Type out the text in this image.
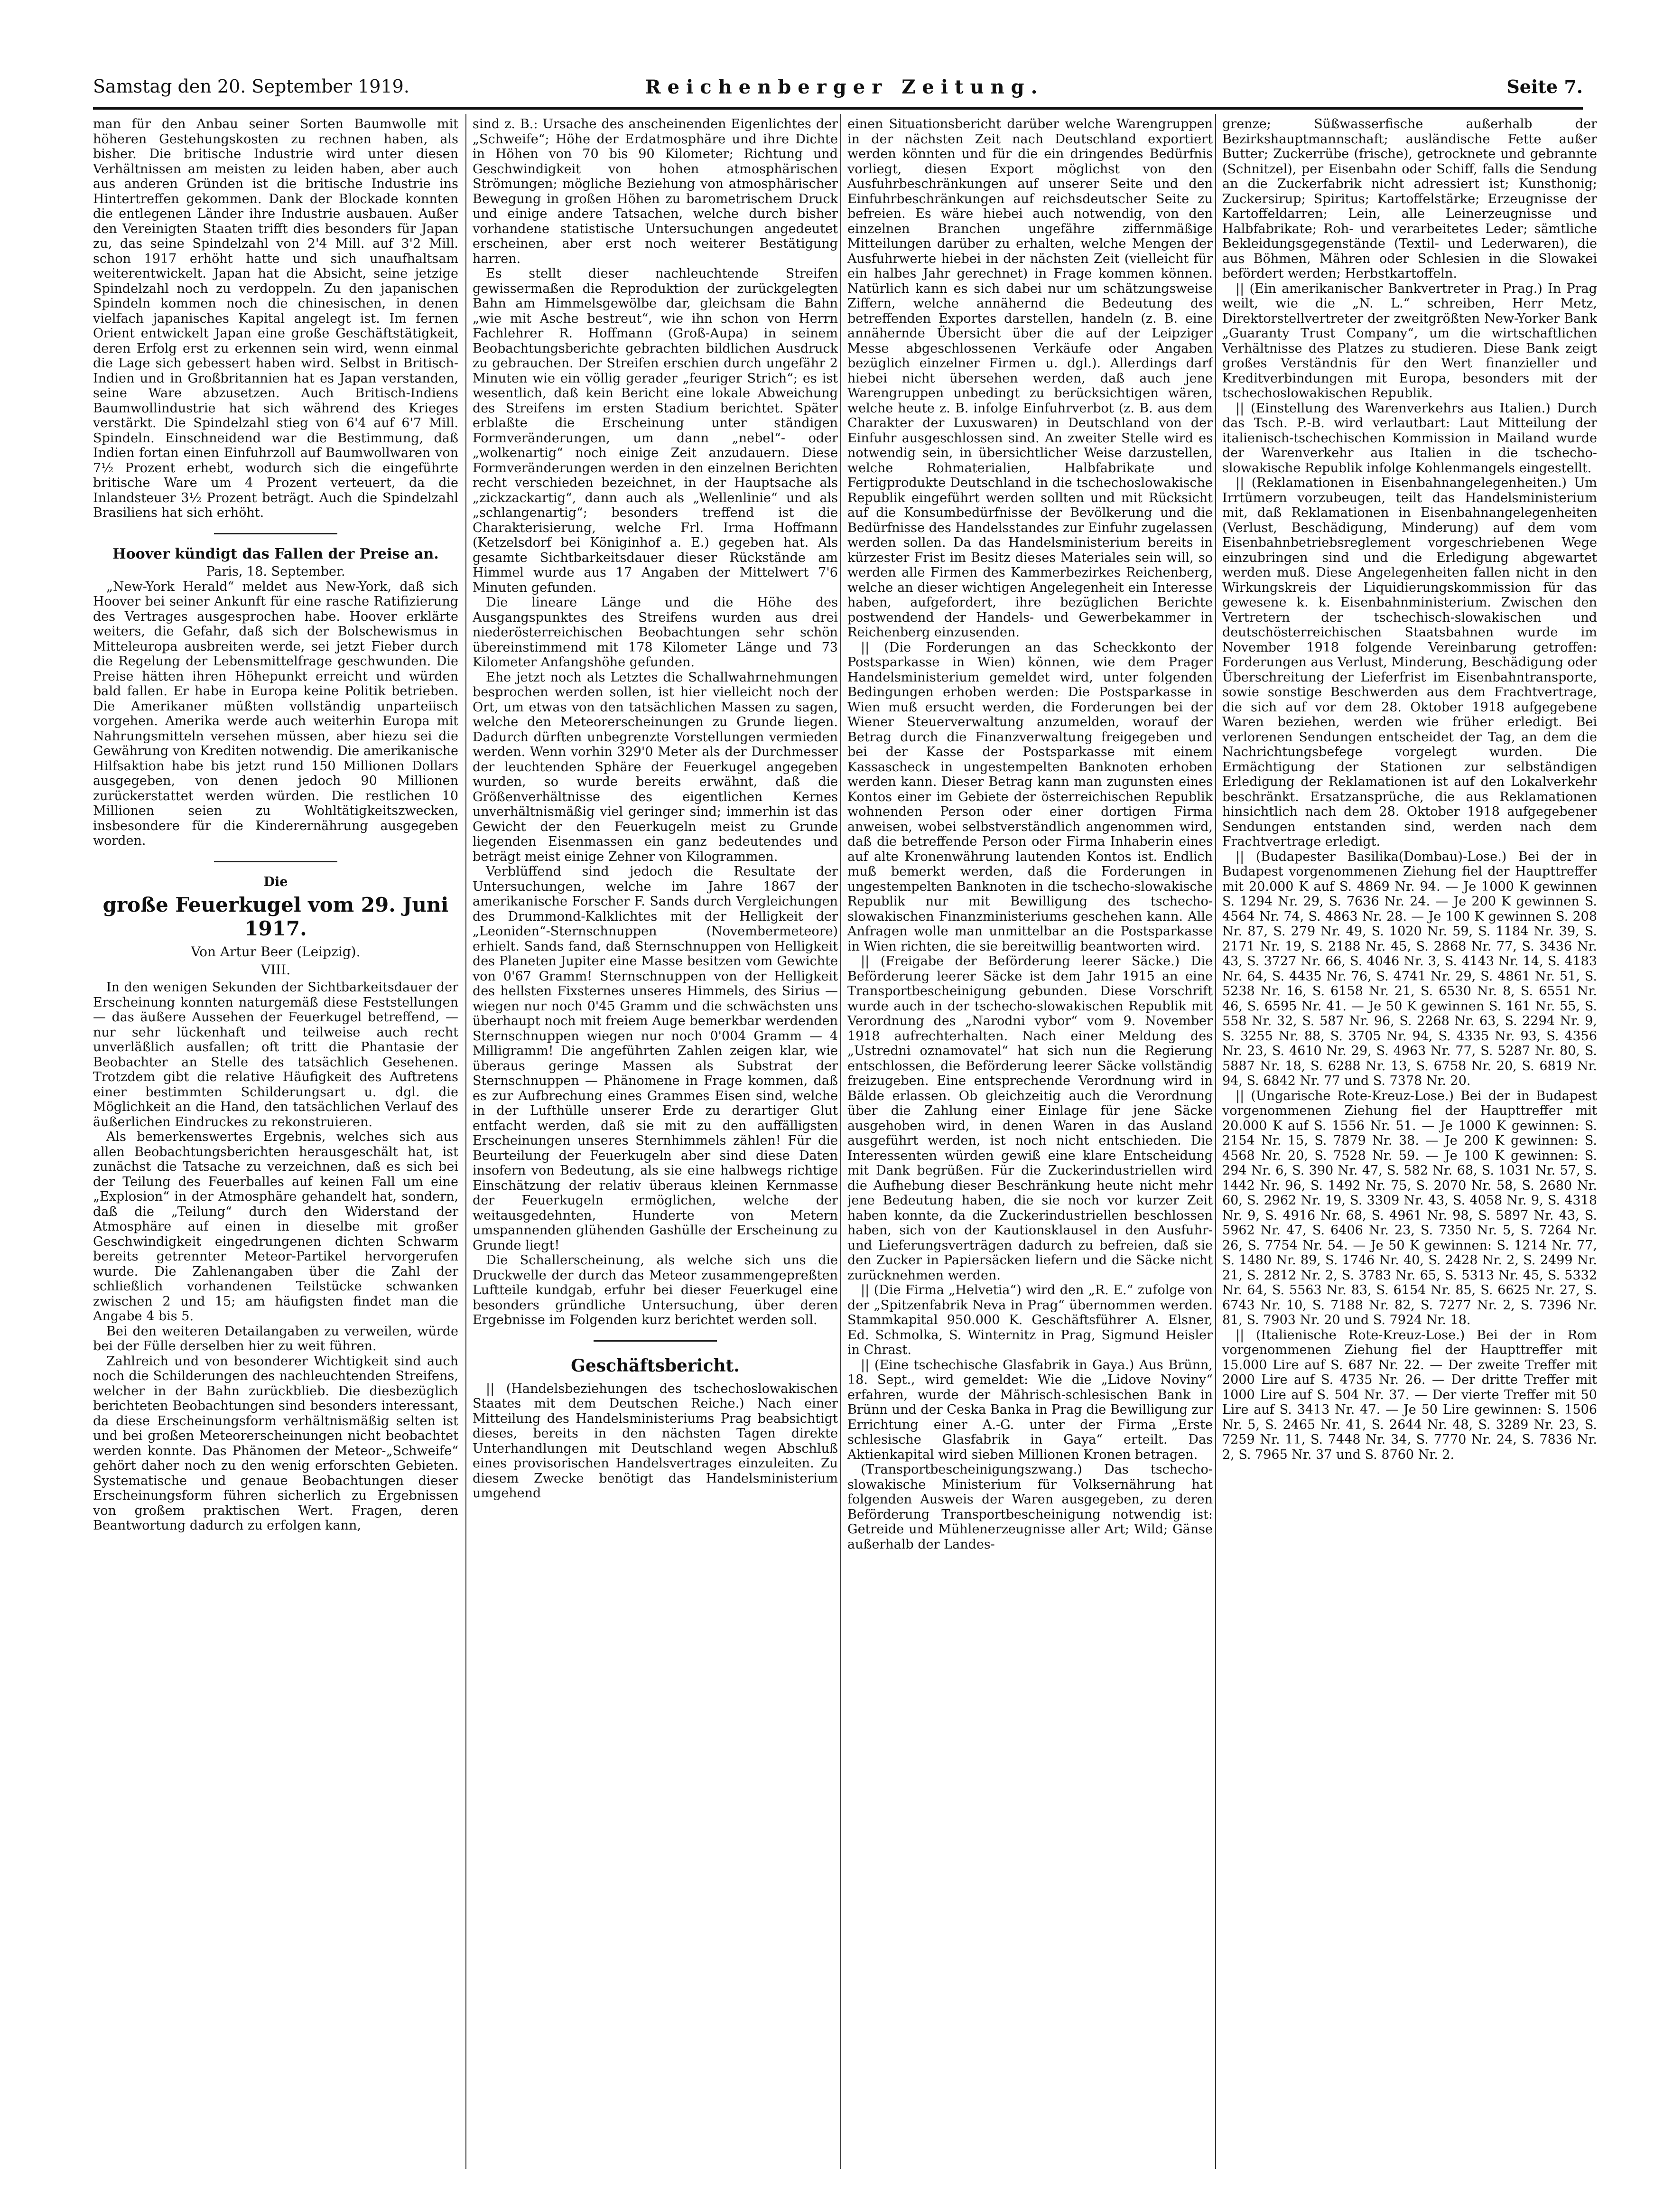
Samstag den 20. September 1919.	Reichenberger Zeitung.	Seite 7.

man für den Anbau seiner Sorten Baumwolle mit höheren Gestehungskosten zu rechnen haben, als bisher. Die britische Industrie wird unter diesen Verhältnissen am meisten zu leiden haben, aber auch aus anderen Gründen ist die britische Industrie ins Hintertreffen gekommen. Dank der Blockade konnten die entlegenen Länder ihre Industrie ausbauen. Außer den Vereinigten Staaten trifft dies besonders für Japan zu, das seine Spindelzahl von 2'4 Mill. auf 3'2 Mill. schon 1917 erhöht hatte und sich unaufhaltsam weiterentwickelt. Japan hat die Absicht, seine jetzige Spindelzahl noch zu verdoppeln. Zu den japanischen Spindeln kommen noch die chinesischen, in denen vielfach japanisches Kapital angelegt ist. Im fernen Orient entwickelt Japan eine große Geschäftstätigkeit, deren Erfolg erst zu erkennen sein wird, wenn einmal die Lage sich gebessert haben wird. Selbst in Britisch-Indien und in Großbritannien hat es Japan verstanden, seine Ware abzusetzen. Auch Britisch-Indiens Baumwollindustrie hat sich während des Krieges verstärkt. Die Spindelzahl stieg von 6'4 auf 6'7 Mill. Spindeln. Einschneidend war die Bestimmung, daß Indien fortan einen Einfuhrzoll auf Baumwollwaren von 7½ Prozent erhebt, wodurch sich die eingeführte britische Ware um 4 Prozent verteuert, da die Inlandsteuer 3½ Prozent beträgt. Auch die Spindelzahl Brasiliens hat sich erhöht.

Hoover kündigt das Fallen der Preise an.

Paris, 18. September.

„New-York Herald“ meldet aus New-York, daß sich Hoover bei seiner Ankunft für eine rasche Ratifizierung des Vertrages ausgesprochen habe. Hoover erklärte weiters, die Gefahr, daß sich der Bolschewismus in Mitteleuropa ausbreiten werde, sei jetzt Fieber durch die Regelung der Lebensmittelfrage geschwunden. Die Preise hätten ihren Höhepunkt erreicht und würden bald fallen. Er habe in Europa keine Politik betrieben. Die Amerikaner müßten vollständig unparteiisch vorgehen. Amerika werde auch weiterhin Europa mit Nahrungsmitteln versehen müssen, aber hiezu sei die Gewährung von Krediten notwendig. Die amerikanische Hilfsaktion habe bis jetzt rund 150 Millionen Dollars ausgegeben, von denen jedoch 90 Millionen zurückerstattet werden würden. Die restlichen 10 Millionen seien zu Wohltätigkeitszwecken, insbesondere für die Kinderernährung ausgegeben worden.

Die

große Feuerkugel vom 29. Juni 1917.
Von Artur Beer (Leipzig).
VIII.

In den wenigen Sekunden der Sichtbarkeitsdauer der Erscheinung konnten naturgemäß diese Feststellungen — das äußere Aussehen der Feuerkugel betreffend, — nur sehr lückenhaft und teilweise auch recht unverläßlich ausfallen; oft tritt die Phantasie der Beobachter an Stelle des tatsächlich Gesehenen. Trotzdem gibt die relative Häufigkeit des Auftretens einer bestimmten Schilderungsart u. dgl. die Möglichkeit an die Hand, den tatsächlichen Verlauf des äußerlichen Eindruckes zu rekonstruieren.

Als bemerkenswertes Ergebnis, welches sich aus allen Beobachtungsberichten herausgeschält hat, ist zunächst die Tatsache zu verzeichnen, daß es sich bei der Teilung des Feuerballes auf keinen Fall um eine „Explosion“ in der Atmosphäre gehandelt hat, sondern, daß die „Teilung“ durch den Widerstand der Atmosphäre auf einen in dieselbe mit großer Geschwindigkeit eingedrungenen dichten Schwarm bereits getrennter Meteor-Partikel hervorgerufen wurde. Die Zahlenangaben über die Zahl der schließlich vorhandenen Teilstücke schwanken zwischen 2 und 15; am häufigsten findet man die Angabe 4 bis 5.

Bei den weiteren Detailangaben zu verweilen, würde bei der Fülle derselben hier zu weit führen.

Zahlreich und von besonderer Wichtigkeit sind auch noch die Schilderungen des nachleuchtenden Streifens, welcher in der Bahn zurückblieb. Die diesbezüglich berichteten Beobachtungen sind besonders interessant, da diese Erscheinungsform verhältnismäßig selten ist und bei großen Meteorerscheinungen nicht beobachtet werden konnte. Das Phänomen der Meteor-„Schweife“ gehört daher noch zu den wenig erforschten Gebieten. Systematische und genaue Beobachtungen dieser Erscheinungsform führen sicherlich zu Ergebnissen von großem praktischen Wert. Fragen, deren Beantwortung dadurch zu erfolgen kann,

sind z. B.: Ursache des anscheinenden Eigenlichtes der „Schweife“; Höhe der Erdatmosphäre und ihre Dichte in Höhen von 70 bis 90 Kilometer; Richtung und Geschwindigkeit von hohen atmosphärischen Strömungen; mögliche Beziehung von atmosphärischer Bewegung in großen Höhen zu barometrischem Druck und einige andere Tatsachen, welche durch bisher vorhandene statistische Untersuchungen angedeutet erscheinen, aber erst noch weiterer Bestätigung harren.

Es stellt dieser nachleuchtende Streifen gewissermaßen die Reproduktion der zurückgelegten Bahn am Himmelsgewölbe dar, gleichsam die Bahn „wie mit Asche bestreut“, wie ihn schon von Herrn Fachlehrer R. Hoffmann (Groß-Aupa) in seinem Beobachtungsberichte gebrachten bildlichen Ausdruck zu gebrauchen. Der Streifen erschien durch ungefähr 2 Minuten wie ein völlig gerader „feuriger Strich“; es ist wesentlich, daß kein Bericht eine lokale Abweichung des Streifens im ersten Stadium berichtet. Später erblaßte die Erscheinung unter ständigen Formveränderungen, um dann „nebel“- oder „wolkenartig“ noch einige Zeit anzudauern. Diese Formveränderungen werden in den einzelnen Berichten recht verschieden bezeichnet, in der Hauptsache als „zickzackartig“, dann auch als „Wellenlinie“ und als „schlangenartig“; besonders treffend ist die Charakterisierung, welche Frl. Irma Hoffmann (Ketzelsdorf bei Königinhof a. E.) gegeben hat. Als gesamte Sichtbarkeitsdauer dieser Rückstände am Himmel wurde aus 17 Angaben der Mittelwert 7'6 Minuten gefunden.

Die lineare Länge und die Höhe des Ausgangspunktes des Streifens wurden aus drei niederösterreichischen Beobachtungen sehr schön übereinstimmend mit 178 Kilometer Länge und 73 Kilometer Anfangshöhe gefunden.

Ehe jetzt noch als Letztes die Schallwahrnehmungen besprochen werden sollen, ist hier vielleicht noch der Ort, um etwas von den tatsächlichen Massen zu sagen, welche den Meteorerscheinungen zu Grunde liegen. Dadurch dürften unbegrenzte Vorstellungen vermieden werden. Wenn vorhin 329'0 Meter als der Durchmesser der leuchtenden Sphäre der Feuerkugel angegeben wurden, so wurde bereits erwähnt, daß die Größenverhältnisse des eigentlichen Kernes unverhältnismäßig viel geringer sind; immerhin ist das Gewicht der den Feuerkugeln meist zu Grunde liegenden Eisenmassen ein ganz bedeutendes und beträgt meist einige Zehner von Kilogrammen.

Verblüffend sind jedoch die Resultate der Untersuchungen, welche im Jahre 1867 der amerikanische Forscher F. Sands durch Vergleichungen des Drummond-Kalklichtes mit der Helligkeit der „Leoniden“-Sternschnuppen (Novembermeteore) erhielt. Sands fand, daß Sternschnuppen von Helligkeit des Planeten Jupiter eine Masse besitzen vom Gewichte von 0'67 Gramm! Sternschnuppen von der Helligkeit des hellsten Fixsternes unseres Himmels, des Sirius — wiegen nur noch 0'45 Gramm und die schwächsten uns überhaupt noch mit freiem Auge bemerkbar werdenden Sternschnuppen wiegen nur noch 0'004 Gramm — 4 Milligramm! Die angeführten Zahlen zeigen klar, wie überaus geringe Massen als Substrat der Sternschnuppen — Phänomene in Frage kommen, daß es zur Aufbrechung eines Grammes Eisen sind, welche in der Lufthülle unserer Erde zu derartiger Glut entfacht werden, daß sie mit zu den auffälligsten Erscheinungen unseres Sternhimmels zählen! Für die Beurteilung der Feuerkugeln aber sind diese Daten insofern von Bedeutung, als sie eine halbwegs richtige Einschätzung der relativ überaus kleinen Kernmasse der Feuerkugeln ermöglichen, welche der weitausgedehnten, Hunderte von Metern umspannenden glühenden Gashülle der Erscheinung zu Grunde liegt!

Die Schallerscheinung, als welche sich uns die Druckwelle der durch das Meteor zusammengepreßten Luftteile kundgab, erfuhr bei dieser Feuerkugel eine besonders gründliche Untersuchung, über deren Ergebnisse im Folgenden kurz berichtet werden soll.

Geschäftsbericht.

|| (Handelsbeziehungen des tschechoslowakischen Staates mit dem Deutschen Reiche.) Nach einer Mitteilung des Handelsministeriums Prag beabsichtigt dieses, bereits in den nächsten Tagen direkte Unterhandlungen mit Deutschland wegen Abschluß eines provisorischen Handelsvertrages einzuleiten. Zu diesem Zwecke benötigt das Handelsministerium umgehend

einen Situationsbericht darüber welche Warengruppen in der nächsten Zeit nach Deutschland exportiert werden könnten und für die ein dringendes Bedürfnis vorliegt, diesen Export möglichst von den Ausfuhrbeschränkungen auf unserer Seite und den Einfuhrbeschränkungen auf reichsdeutscher Seite zu befreien. Es wäre hiebei auch notwendig, von den einzelnen Branchen ungefähre ziffernmäßige Mitteilungen darüber zu erhalten, welche Mengen der Ausfuhrwerte hiebei in der nächsten Zeit (vielleicht für ein halbes Jahr gerechnet) in Frage kommen können. Natürlich kann es sich dabei nur um schätzungsweise Ziffern, welche annähernd die Bedeutung des betreffenden Exportes darstellen, handeln (z. B. eine annähernde Übersicht über die auf der Leipziger Messe abgeschlossenen Verkäufe oder Angaben bezüglich einzelner Firmen u. dgl.). Allerdings darf hiebei nicht übersehen werden, daß auch jene Warengruppen unbedingt zu berücksichtigen wären, welche heute z. B. infolge Einfuhrverbot (z. B. aus dem Charakter der Luxuswaren) in Deutschland von der Einfuhr ausgeschlossen sind. An zweiter Stelle wird es notwendig sein, in übersichtlicher Weise darzustellen, welche Rohmaterialien, Halbfabrikate und Fertigprodukte Deutschland in die tschechoslowakische Republik eingeführt werden sollten und mit Rücksicht auf die Konsumbedürfnisse der Bevölkerung und die Bedürfnisse des Handelsstandes zur Einfuhr zugelassen werden sollen. Da das Handelsministerium bereits in kürzester Frist im Besitz dieses Materiales sein will, so werden alle Firmen des Kammerbezirkes Reichenberg, welche an dieser wichtigen Angelegenheit ein Interesse haben, aufgefordert, ihre bezüglichen Berichte postwendend der Handels- und Gewerbekammer in Reichenberg einzusenden.

|| (Die Forderungen an das Scheckkonto der Postsparkasse in Wien) können, wie dem Prager Handelsministerium gemeldet wird, unter folgenden Bedingungen erhoben werden: Die Postsparkasse in Wien muß ersucht werden, die Forderungen bei der Wiener Steuerverwaltung anzumelden, worauf der Betrag durch die Finanzverwaltung freigegeben und bei der Kasse der Postsparkasse mit einem Kassascheck in ungestempelten Banknoten erhoben werden kann. Dieser Betrag kann man zugunsten eines Kontos einer im Gebiete der österreichischen Republik wohnenden Person oder einer dortigen Firma anweisen, wobei selbstverständlich angenommen wird, daß die betreffende Person oder Firma Inhaberin eines auf alte Kronenwährung lautenden Kontos ist. Endlich muß bemerkt werden, daß die Forderungen in ungestempelten Banknoten in die tschecho-slowakische Republik nur mit Bewilligung des tschecho-slowakischen Finanzministeriums geschehen kann. Alle Anfragen wolle man unmittelbar an die Postsparkasse in Wien richten, die sie bereitwillig beantworten wird.

|| (Freigabe der Beförderung leerer Säcke.) Die Beförderung leerer Säcke ist dem Jahr 1915 an eine Transportbescheinigung gebunden. Diese Vorschrift wurde auch in der tschecho-slowakischen Republik mit Verordnung des „Narodni vybor“ vom 9. November 1918 aufrechterhalten. Nach einer Meldung des „Ustredni oznamovatel“ hat sich nun die Regierung entschlossen, die Beförderung leerer Säcke vollständig freizugeben. Eine entsprechende Verordnung wird in Bälde erlassen. Ob gleichzeitig auch die Verordnung über die Zahlung einer Einlage für jene Säcke ausgehoben wird, in denen Waren in das Ausland ausgeführt werden, ist noch nicht entschieden. Die Interessenten würden gewiß eine klare Entscheidung mit Dank begrüßen. Für die Zuckerindustriellen wird die Aufhebung dieser Beschränkung heute nicht mehr jene Bedeutung haben, die sie noch vor kurzer Zeit haben konnte, da die Zuckerindustriellen beschlossen haben, sich von der Kautionsklausel in den Ausfuhr- und Lieferungsverträgen dadurch zu befreien, daß sie den Zucker in Papiersäcken liefern und die Säcke nicht zurücknehmen werden.

|| (Die Firma „Helvetia“) wird den „R. E.“ zufolge von der „Spitzenfabrik Neva in Prag“ übernommen werden. Stammkapital 950.000 K. Geschäftsführer A. Elsner, Ed. Schmolka, S. Winternitz in Prag, Sigmund Heisler in Chrast.

|| (Eine tschechische Glasfabrik in Gaya.) Aus Brünn, 18. Sept., wird gemeldet: Wie die „Lidove Noviny“ erfahren, wurde der Mährisch-schlesischen Bank in Brünn und der Ceska Banka in Prag die Bewilligung zur Errichtung einer A.-G. unter der Firma „Erste schlesische Glasfabrik in Gaya“ erteilt. Das Aktienkapital wird sieben Millionen Kronen betragen.

(Transportbescheinigungszwang.) Das tschecho-slowakische Ministerium für Volksernährung hat folgenden Ausweis der Waren ausgegeben, zu deren Beförderung Transportbescheinigung notwendig ist: Getreide und Mühlenerzeugnisse aller Art; Wild; Gänse außerhalb der Landes-

grenze; Süßwasserfische außerhalb der Bezirkshauptmannschaft; ausländische Fette außer Butter; Zuckerrübe (frische), getrocknete und gebrannte (Schnitzel), per Eisenbahn oder Schiff, falls die Sendung an die Zuckerfabrik nicht adressiert ist; Kunsthonig; Zuckersirup; Spiritus; Kartoffelstärke; Erzeugnisse der Kartoffeldarren; Lein, alle Leinerzeugnisse und Halbfabrikate; Roh- und verarbeitetes Leder; sämtliche Bekleidungsgegenstände (Textil- und Lederwaren), die aus Böhmen, Mähren oder Schlesien in die Slowakei befördert werden; Herbstkartoffeln.

|| (Ein amerikanischer Bankvertreter in Prag.) In Prag weilt, wie die „N. L.“ schreiben, Herr Metz, Direktorstellvertreter der zweitgrößten New-Yorker Bank „Guaranty Trust Company“, um die wirtschaftlichen Verhältnisse des Platzes zu studieren. Diese Bank zeigt großes Verständnis für den Wert finanzieller und Kreditverbindungen mit Europa, besonders mit der tschechoslowakischen Republik.

|| (Einstellung des Warenverkehrs aus Italien.) Durch das Tsch. P.-B. wird verlautbart: Laut Mitteilung der italienisch-tschechischen Kommission in Mailand wurde der Warenverkehr aus Italien in die tschecho-slowakische Republik infolge Kohlenmangels eingestellt.

|| (Reklamationen in Eisenbahnangelegenheiten.) Um Irrtümern vorzubeugen, teilt das Handelsministerium mit, daß Reklamationen in Eisenbahnangelegenheiten (Verlust, Beschädigung, Minderung) auf dem vom Eisenbahnbetriebsreglement vorgeschriebenen Wege einzubringen sind und die Erledigung abgewartet werden muß. Diese Angelegenheiten fallen nicht in den Wirkungskreis der Liquidierungskommission für das gewesene k. k. Eisenbahnministerium. Zwischen den Vertretern der tschechisch-slowakischen und deutschösterreichischen Staatsbahnen wurde im November 1918 folgende Vereinbarung getroffen: Forderungen aus Verlust, Minderung, Beschädigung oder Überschreitung der Lieferfrist im Eisenbahntransporte, sowie sonstige Beschwerden aus dem Frachtvertrage, die sich auf vor dem 28. Oktober 1918 aufgegebene Waren beziehen, werden wie früher erledigt. Bei verlorenen Sendungen entscheidet der Tag, an dem die Nachrichtungsbefege vorgelegt wurden. Die Ermächtigung der Stationen zur selbständigen Erledigung der Reklamationen ist auf den Lokalverkehr beschränkt. Ersatzansprüche, die aus Reklamationen hinsichtlich nach dem 28. Oktober 1918 aufgegebener Sendungen entstanden sind, werden nach dem Frachtvertrage erledigt.

|| (Budapester Basilika(Dombau)-Lose.) Bei der in Budapest vorgenommenen Ziehung fiel der Haupttreffer mit 20.000 K auf S. 4869 Nr. 94. — Je 1000 K gewinnen S. 1294 Nr. 29, S. 7636 Nr. 24. — Je 200 K gewinnen S. 4564 Nr. 74, S. 4863 Nr. 28. — Je 100 K gewinnen S. 208 Nr. 87, S. 279 Nr. 49, S. 1020 Nr. 59, S. 1184 Nr. 39, S. 2171 Nr. 19, S. 2188 Nr. 45, S. 2868 Nr. 77, S. 3436 Nr. 43, S. 3727 Nr. 66, S. 4046 Nr. 3, S. 4143 Nr. 14, S. 4183 Nr. 64, S. 4435 Nr. 76, S. 4741 Nr. 29, S. 4861 Nr. 51, S. 5238 Nr. 16, S. 6158 Nr. 21, S. 6530 Nr. 8, S. 6551 Nr. 46, S. 6595 Nr. 41. — Je 50 K gewinnen S. 161 Nr. 55, S. 558 Nr. 32, S. 587 Nr. 96, S. 2268 Nr. 63, S. 2294 Nr. 9, S. 3255 Nr. 88, S. 3705 Nr. 94, S. 4335 Nr. 93, S. 4356 Nr. 23, S. 4610 Nr. 29, S. 4963 Nr. 77, S. 5287 Nr. 80, S. 5887 Nr. 18, S. 6288 Nr. 13, S. 6758 Nr. 20, S. 6819 Nr. 94, S. 6842 Nr. 77 und S. 7378 Nr. 20.

|| (Ungarische Rote-Kreuz-Lose.) Bei der in Budapest vorgenommenen Ziehung fiel der Haupttreffer mit 20.000 K auf S. 1556 Nr. 51. — Je 1000 K gewinnen: S. 2154 Nr. 15, S. 7879 Nr. 38. — Je 200 K gewinnen: S. 4568 Nr. 20, S. 7528 Nr. 59. — Je 100 K gewinnen: S. 294 Nr. 6, S. 390 Nr. 47, S. 582 Nr. 68, S. 1031 Nr. 57, S. 1442 Nr. 96, S. 1492 Nr. 75, S. 2070 Nr. 58, S. 2680 Nr. 60, S. 2962 Nr. 19, S. 3309 Nr. 43, S. 4058 Nr. 9, S. 4318 Nr. 9, S. 4916 Nr. 68, S. 4961 Nr. 98, S. 5897 Nr. 43, S. 5962 Nr. 47, S. 6406 Nr. 23, S. 7350 Nr. 5, S. 7264 Nr. 26, S. 7754 Nr. 54. — Je 50 K gewinnen: S. 1214 Nr. 77, S. 1480 Nr. 89, S. 1746 Nr. 40, S. 2428 Nr. 2, S. 2499 Nr. 21, S. 2812 Nr. 2, S. 3783 Nr. 65, S. 5313 Nr. 45, S. 5332 Nr. 64, S. 5563 Nr. 83, S. 6154 Nr. 85, S. 6625 Nr. 27, S. 6743 Nr. 10, S. 7188 Nr. 82, S. 7277 Nr. 2, S. 7396 Nr. 81, S. 7903 Nr. 20 und S. 7924 Nr. 18.

|| (Italienische Rote-Kreuz-Lose.) Bei der in Rom vorgenommenen Ziehung fiel der Haupttreffer mit 15.000 Lire auf S. 687 Nr. 22. — Der zweite Treffer mit 2000 Lire auf S. 4735 Nr. 26. — Der dritte Treffer mit 1000 Lire auf S. 504 Nr. 37. — Der vierte Treffer mit 50 Lire auf S. 3413 Nr. 47. — Je 50 Lire gewinnen: S. 1506 Nr. 5, S. 2465 Nr. 41, S. 2644 Nr. 48, S. 3289 Nr. 23, S. 7259 Nr. 11, S. 7448 Nr. 34, S. 7770 Nr. 24, S. 7836 Nr. 2, S. 7965 Nr. 37 und S. 8760 Nr. 2.
